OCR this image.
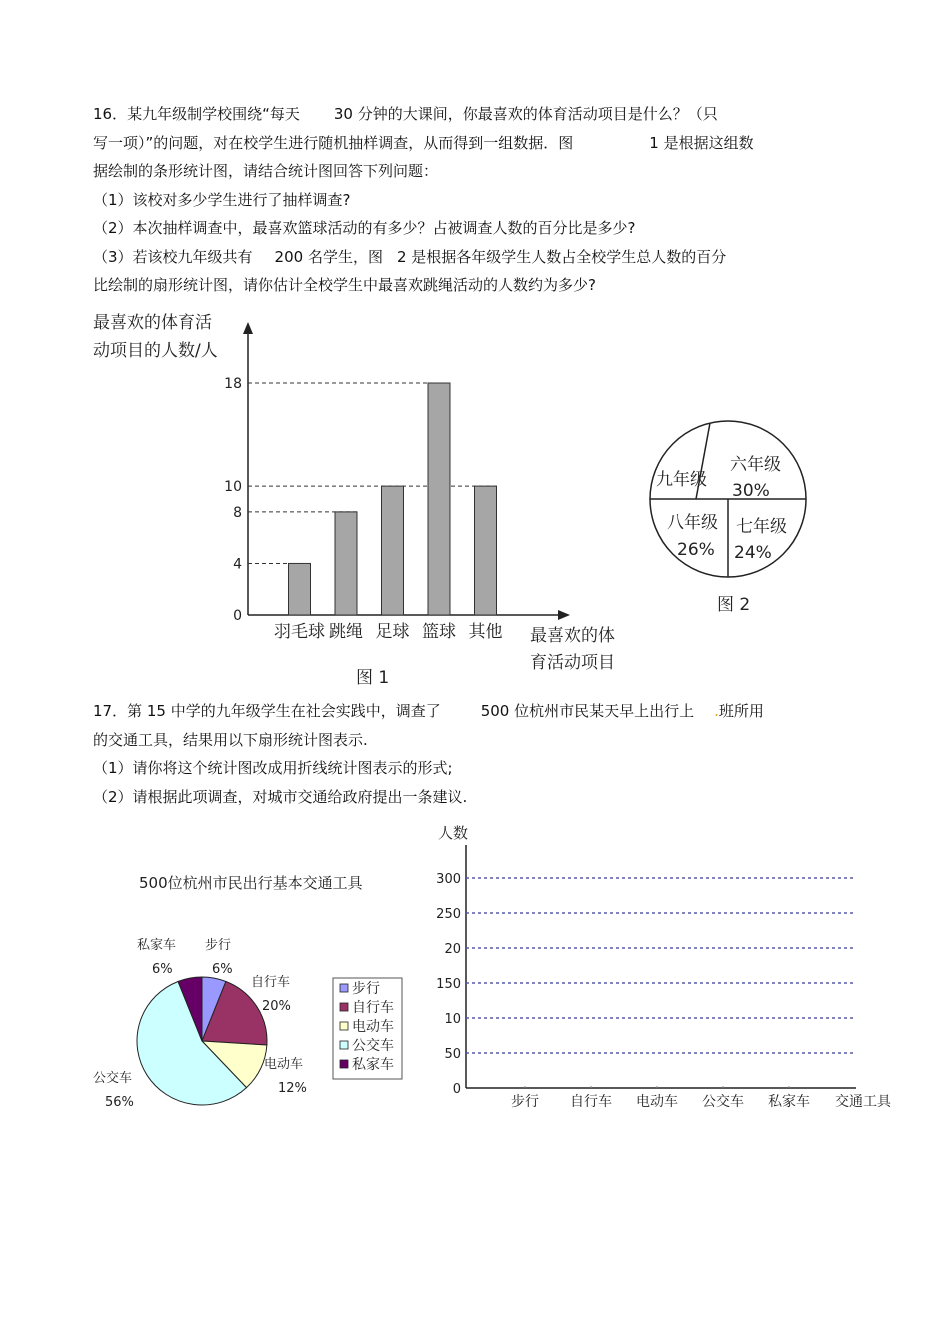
16．某九年级制学校围绕“每天 30 分钟的大课间，你最喜欢的体育活动项目是什么？（只
写一项）”的问题，对在校学生进行随机抽样调查，从而得到一组数据．图	1 是根据这组数
据绘制的条形统计图，请结合统计图回答下列问题：
（1）该校对多少学生进行了抽样调查?
（2）本次抽样调查中，最喜欢篮球活动的有多少？占被调查人数的百分比是多少?
（3）若该校九年级共有 200 名学生，图 2 是根据各年级学生人数占全校学生总人数的百分
比绘制的扇形统计图，请你估计全校学生中最喜欢跳绳活动的人数约为多少?
17．第 15 中学的九年级学生在社会实践中，调查了	500 位杭州市民某天早上出行上 .班所用
的交通工具，结果用以下扇形统计图表示.
（1）请你将这个统计图改成用折线统计图表示的形式;
（2）请根据此项调查，对城市交通给政府提出一条建议.
最喜欢的体育活
动项目的人数/人
0
4
8
10
18
羽毛球 跳绳 足球 篮球 其他 最喜欢的体
育活动项目
图 1
六年级
30%
七年级
24%
八年级
26%
九年级
图 2
500位杭州市民出行基本交通工具
私家车
6%
步行
6%
自行车
20%
电动车
12%
公交车
56%
步行
自行车
电动车
公交车
私家车
人数
0
50
10
150
20
250
300
步行 自行车 电动车 公交车 私家车 交通工具
